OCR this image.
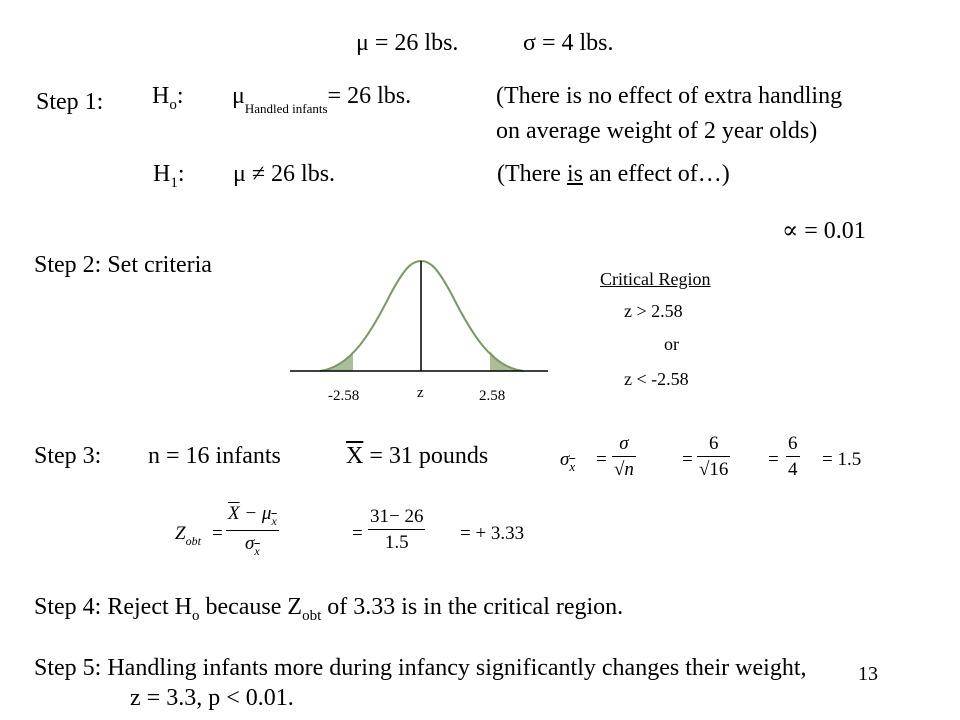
μ = 26 lbs.	σ = 4 lbs.
Step 1: $H_o$: $\mu_{Handled infants}= 26$ lbs.	(There is no effect of extra handling
on average weight of 2 year olds)
$H_1$: μ ≠ 26 lbs.	(There is an effect of…)
∝ = 0.01
Step 2: Set criteria
-2.58	z	2.58
Critical Region
z > 2.58
or
z < -2.58
Step 3: n = 16 infants	$\overline{X} = 31$ pounds	$\sigma_{\overline{x}}$ =
σ
√n	=
6
√16 =
6
4 = 1.5
$Z_{obt}$ =
$\overline{X} - \mu_{\overline{x}}$
$\sigma_{\overline{x}}$
=
31− 26
1.5	= + 3.33
Step 4: Reject $H_o$ because $Z_{obt}$ of 3.33 is in the critical region.
Step 5: Handling infants more during infancy significantly changes their weight,
z = 3.3, p < 0.01.
13
